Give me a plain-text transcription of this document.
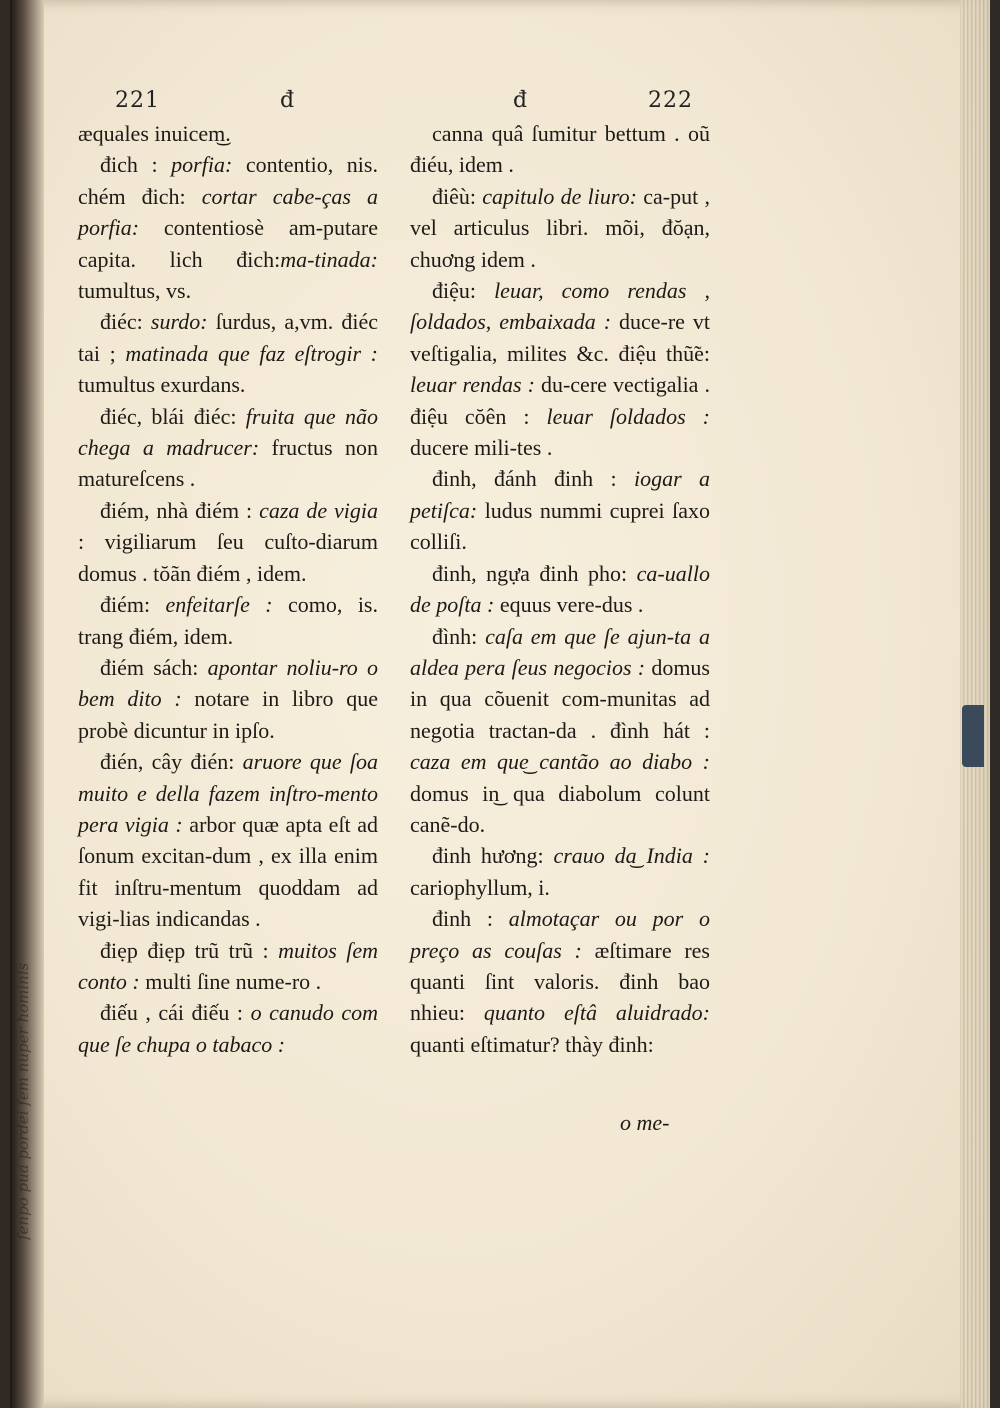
ſenpo pua pordei ſem nuper hominis
221	đ	đ	222

æquales inuicem͜.

đich : porfia: contentio, nis. chém đich: cortar cabe-ças a porfia: contentiosè am-putare capita. lich đich:ma-tinada: tumultus, vs.

điéc: surdo: ſurdus, a,vm. điéc tai ; matinada que faz eſtrogir : tumultus exurdans.

điéc, blái điéc: fruita que não chega a madrucer: fructus non matureſcens .

điém, nhà điém : caza de vigia : vigiliarum ſeu cuſto-diarum domus . tŏãn điém , idem.

điém: enfeitarſe : como, is. trang điém, idem.

điém sách: apontar noliu-ro o bem dito : notare in libro que probè dicuntur in ipſo.

đién, cây đién: aruore que ſoa muito e della fazem inſtro-mento pera vigia : arbor quæ apta eſt ad ſonum excitan-dum , ex illa enim fit inſtru-mentum quoddam ad vigi-lias indicandas .

điẹp điẹp trũ trũ : muitos ſem conto : multi ſine nume-ro .

điếu , cái điếu : o canudo com que ſe chupa o tabaco :

canna quâ ſumitur bettum . oũ điéu, idem .

điêù: capitulo de liuro: ca-put , vel articulus libri. mõi, đŏạn, chuơng idem .

điệu: leuar, como rendas , ſoldados, embaixada : duce-re vt veſtigalia, milites &c. điệu thũ̃e: leuar rendas : du-cere vectigalia . điệu cŏên : leuar ſoldados : ducere mili-tes .

đinh, đánh đinh : iogar a petiſca: ludus nummi cuprei ſaxo colliſi.

đinh, ngựa đinh pho: ca-uallo de poſta : equus vere-dus .

đình: caſa em que ſe ajun-ta a aldea pera ſeus negocios : domus in qua cõuenit com-munitas ad negotia tractan-da . đình hát : caza em que͜ cantão ao diabo : domus in͜ qua diabolum colunt canẽ-do.

đinh hương: crauo da͜ India : cariophyllum, i.

đinh : almotaçar ou por o preço as couſas : æſtimare res quanti ſint valoris. đinh bao nhieu: quanto eſtâ aluidrado: quanti eſtimatur? thày đinh:

o me-
